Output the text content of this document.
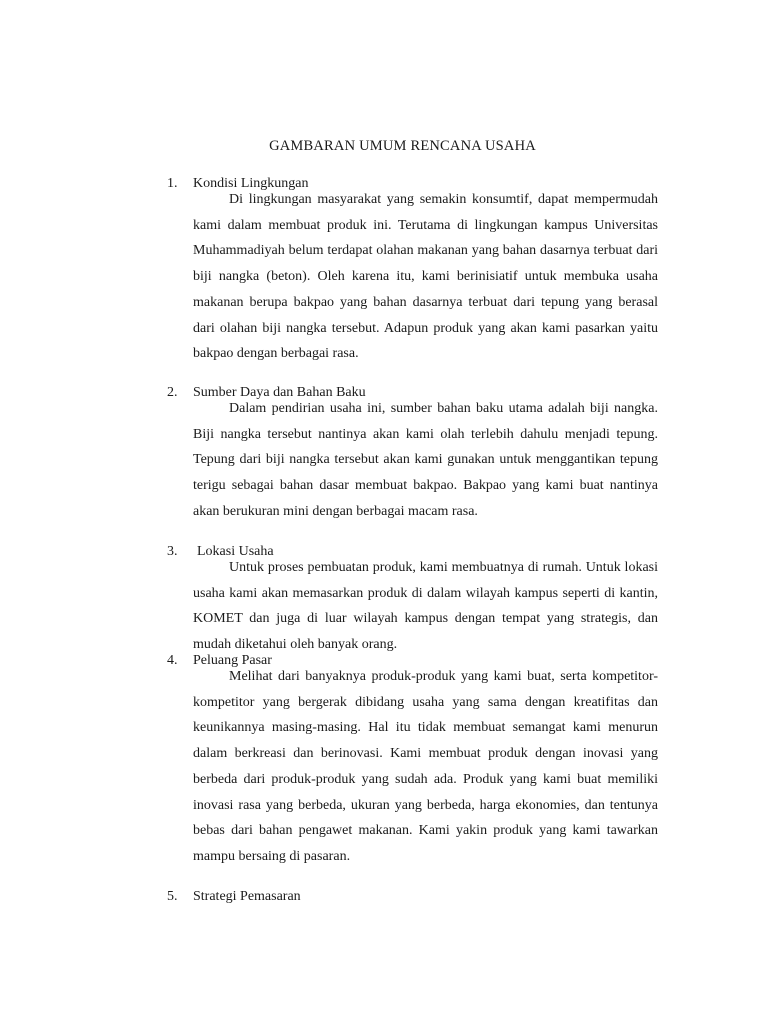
GAMBARAN UMUM RENCANA USAHA
1. Kondisi Lingkungan

Di lingkungan masyarakat yang semakin konsumtif, dapat mempermudah kami dalam membuat produk ini. Terutama di lingkungan kampus Universitas Muhammadiyah belum terdapat olahan makanan yang bahan dasarnya terbuat dari biji nangka (beton). Oleh karena itu, kami berinisiatif untuk membuka usaha makanan berupa bakpao yang bahan dasarnya terbuat dari tepung yang berasal dari olahan biji nangka tersebut. Adapun produk yang akan kami pasarkan yaitu bakpao dengan berbagai rasa.

2. Sumber Daya dan Bahan Baku

Dalam pendirian usaha ini, sumber bahan baku utama adalah biji nangka. Biji nangka tersebut nantinya akan kami olah terlebih dahulu menjadi tepung. Tepung dari biji nangka tersebut akan kami gunakan untuk menggantikan tepung terigu sebagai bahan dasar membuat bakpao. Bakpao yang kami buat nantinya akan berukuran mini dengan berbagai macam rasa.

3. Lokasi Usaha

Untuk proses pembuatan produk, kami membuatnya di rumah. Untuk lokasi usaha kami akan memasarkan produk di dalam wilayah kampus seperti di kantin, KOMET dan juga di luar wilayah kampus dengan tempat yang strategis, dan mudah diketahui oleh banyak orang.

4. Peluang Pasar

Melihat dari banyaknya produk-produk yang kami buat, serta kompetitor-kompetitor yang bergerak dibidang usaha yang sama dengan kreatifitas dan keunikannya masing-masing. Hal itu tidak membuat semangat kami menurun dalam berkreasi dan berinovasi. Kami membuat produk dengan inovasi yang berbeda dari produk-produk yang sudah ada. Produk yang kami buat memiliki inovasi rasa yang berbeda, ukuran yang berbeda, harga ekonomies, dan tentunya bebas dari bahan pengawet makanan. Kami yakin produk yang kami tawarkan mampu bersaing di pasaran.

5. Strategi Pemasaran
